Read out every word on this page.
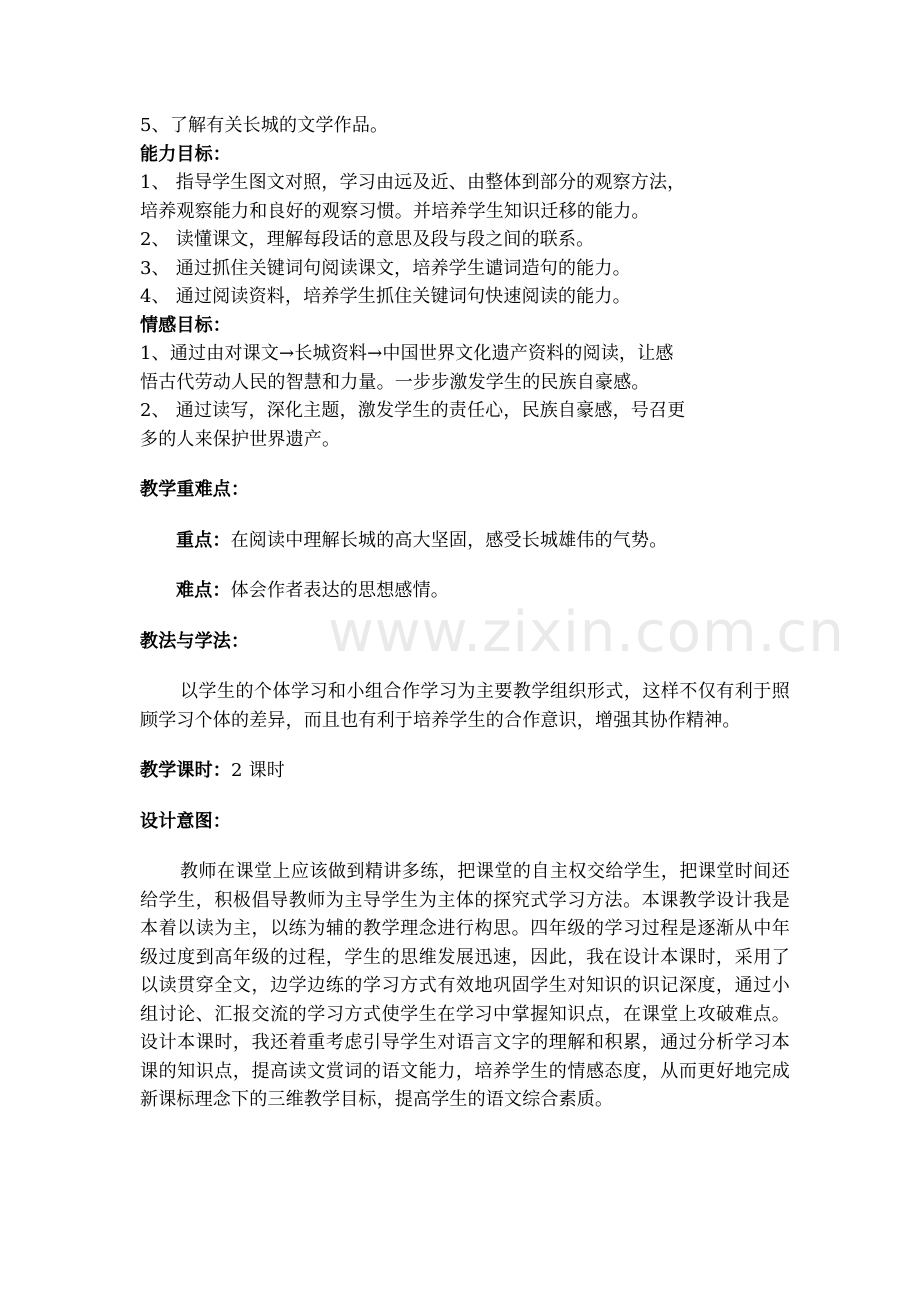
www.zixin.com.cn
5、了解有关长城的文学作品。
能力目标：
1、 指导学生图文对照，学习由远及近、由整体到部分的观察方法，
培养观察能力和良好的观察习惯。并培养学生知识迁移的能力。
2、 读懂课文，理解每段话的意思及段与段之间的联系。
3、 通过抓住关键词句阅读课文，培养学生谴词造句的能力。
4、 通过阅读资料，培养学生抓住关键词句快速阅读的能力。
情感目标：
1、通过由对课文→长城资料→中国世界文化遗产资料的阅读，让感
悟古代劳动人民的智慧和力量。一步步激发学生的民族自豪感。
2、 通过读写，深化主题，激发学生的责任心，民族自豪感，号召更
多的人来保护世界遗产。
教学重难点：
重点：在阅读中理解长城的高大坚固，感受长城雄伟的气势。
难点：体会作者表达的思想感情。
教法与学法：
以学生的个体学习和小组合作学习为主要教学组织形式，这样不仅有利于照顾学习个体的差异，而且也有利于培养学生的合作意识，增强其协作精神。
教学课时：2 课时
设计意图：
教师在课堂上应该做到精讲多练，把课堂的自主权交给学生，把课堂时间还给学生，积极倡导教师为主导学生为主体的探究式学习方法。本课教学设计我是本着以读为主，以练为辅的教学理念进行构思。四年级的学习过程是逐渐从中年级过度到高年级的过程，学生的思维发展迅速，因此，我在设计本课时，采用了以读贯穿全文，边学边练的学习方式有效地巩固学生对知识的识记深度，通过小组讨论、汇报交流的学习方式使学生在学习中掌握知识点，在课堂上攻破难点。设计本课时，我还着重考虑引导学生对语言文字的理解和积累，通过分析学习本课的知识点，提高读文赏词的语文能力，培养学生的情感态度，从而更好地完成新课标理念下的三维教学目标，提高学生的语文综合素质。
